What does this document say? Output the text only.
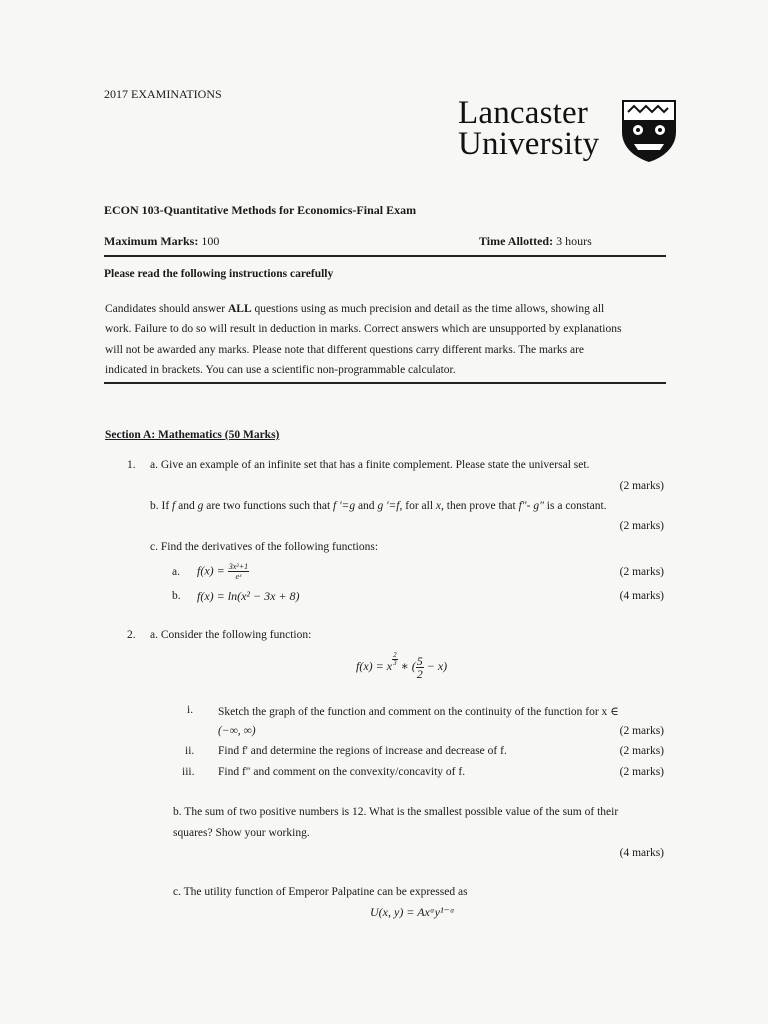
2017 EXAMINATIONS
Lancaster
University
ECON 103-Quantitative Methods for Economics-Final Exam
Maximum Marks: 100	Time Allotted: 3 hours
Please read the following instructions carefully
Candidates should answer ALL questions using as much precision and detail as the time allows, showing all
work. Failure to do so will result in deduction in marks. Correct answers which are unsupported by explanations
will not be awarded any marks. Please note that different questions carry different marks. The marks are
indicated in brackets. You can use a scientific non-programmable calculator.
Section A: Mathematics (50 Marks)
1. a. Give an example of an infinite set that has a finite complement. Please state the universal set.
(2 marks)
b. If f and g are two functions such that f '=g and g '=f, for all x, then prove that f"- g" is a constant.
(2 marks)
c. Find the derivatives of the following functions:
a. $f(x) = \frac{\text{3x²+1}}{\text{eˣ}}$	(2 marks)
b. f(x) = ln(x² − 3x + 8)	(4 marks)
2. a. Consider the following function:
f(x) = x $\frac{2}{3}$ ∗ ( $\frac{5}{2} - x$)
i. Sketch the graph of the function and comment on the continuity of the function for x ∈
(−∞, ∞)	(2 marks)
ii. Find f' and determine the regions of increase and decrease of f.	(2 marks)
iii. Find f" and comment on the convexity/concavity of f.	(2 marks)
b. The sum of two positive numbers is 12. What is the smallest possible value of the sum of their
squares? Show your working.
(4 marks)
c. The utility function of Emperor Palpatine can be expressed as
U(x, y) = Axᵅy¹⁻ᵅ
